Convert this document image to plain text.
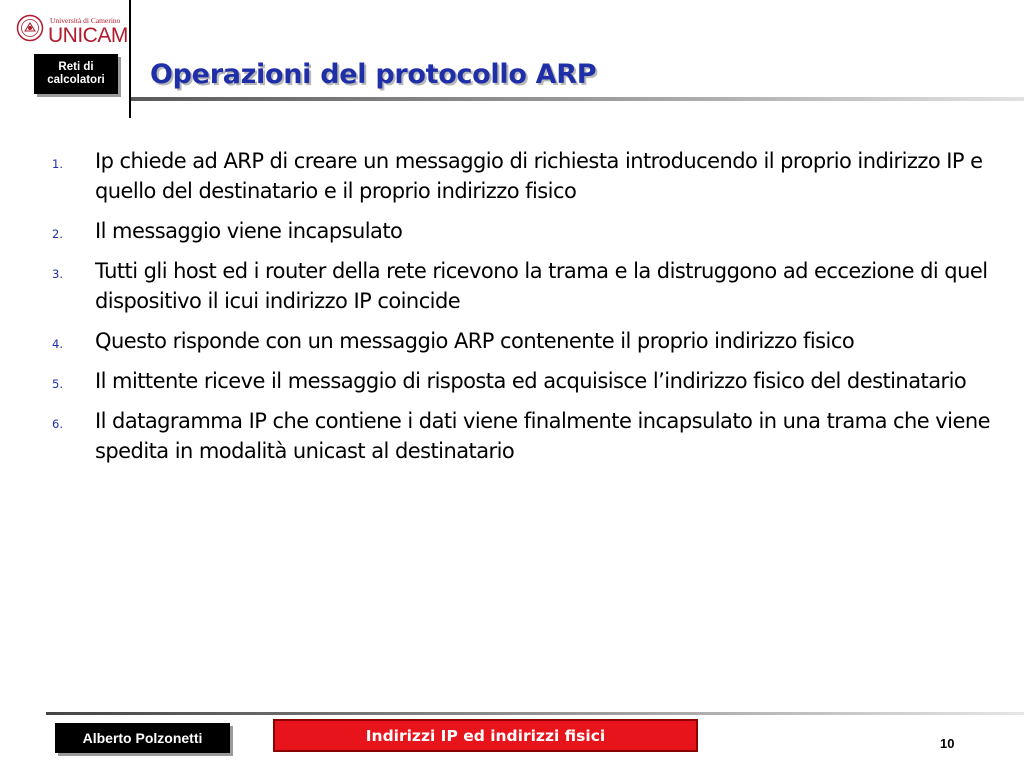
Università di Camerino
UNICAM
Reti di
calcolatori Operazioni del protocollo ARP
1. Ip chiede ad ARP di creare un messaggio di richiesta introducendo il proprio indirizzo IP e quello del destinatario e il proprio indirizzo fisico
2. Il messaggio viene incapsulato
3. Tutti gli host ed i router della rete ricevono la trama e la distruggono ad eccezione di quel dispositivo il icui indirizzo IP coincide
4. Questo risponde con un messaggio ARP contenente il proprio indirizzo fisico
5. Il mittente riceve il messaggio di risposta ed acquisisce l’indirizzo fisico del destinatario
6. Il datagramma IP che contiene i dati viene finalmente incapsulato in una trama che viene spedita in modalità unicast al destinatario
Alberto Polzonetti	Indirizzi IP ed indirizzi fisici	10
